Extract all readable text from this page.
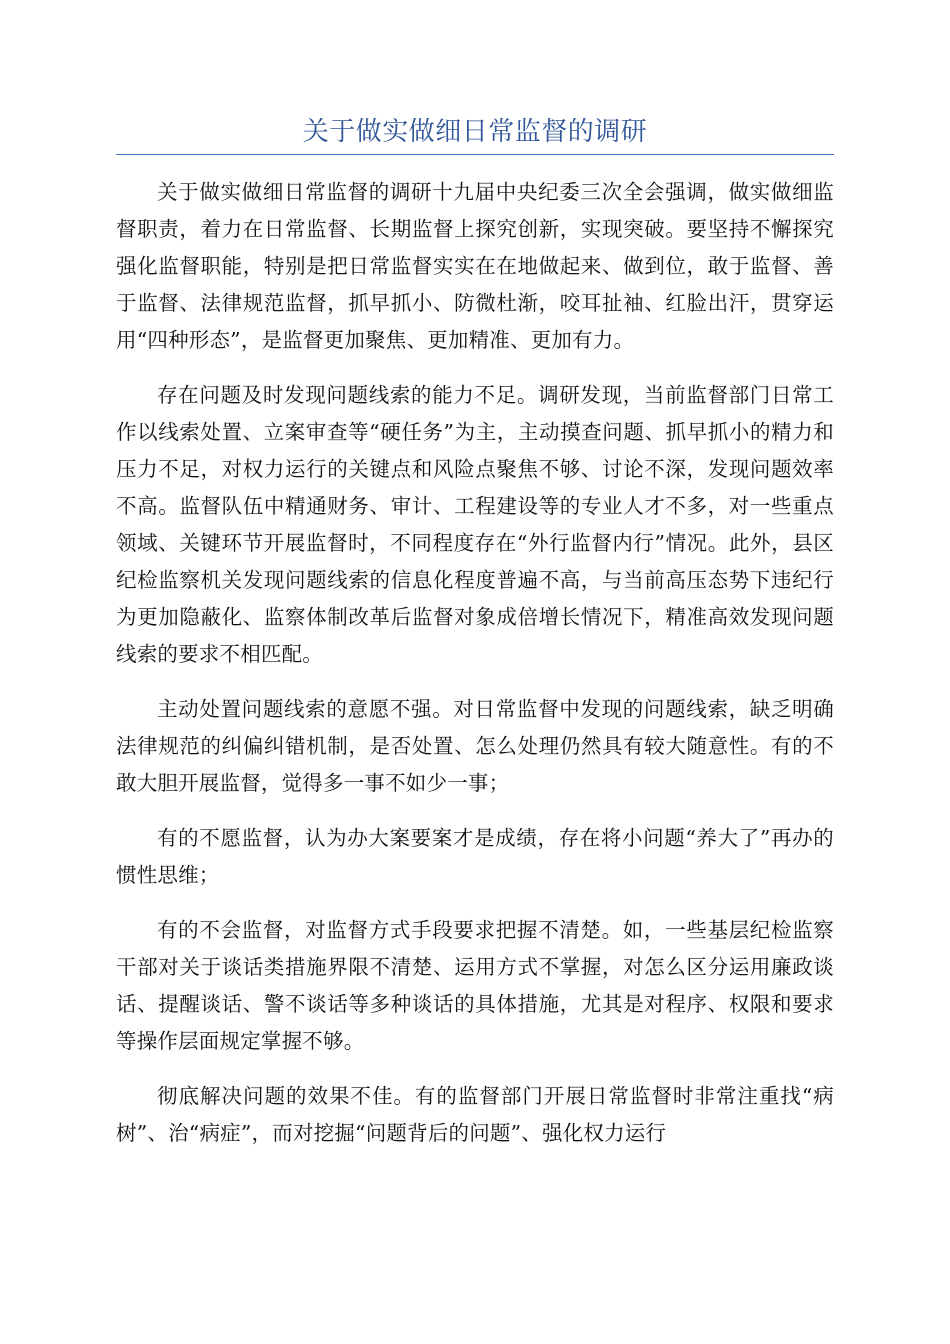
关于做实做细日常监督的调研

关于做实做细日常监督的调研十九届中央纪委三次全会强调，做实做细监督职责，着力在日常监督、长期监督上探究创新，实现突破。要坚持不懈探究强化监督职能，特别是把日常监督实实在在地做起来、做到位，敢于监督、善于监督、法律规范监督，抓早抓小、防微杜渐，咬耳扯袖、红脸出汗，贯穿运用“四种形态”，是监督更加聚焦、更加精准、更加有力。

存在问题及时发现问题线索的能力不足。调研发现，当前监督部门日常工作以线索处置、立案审查等“硬任务”为主，主动摸查问题、抓早抓小的精力和压力不足，对权力运行的关键点和风险点聚焦不够、讨论不深，发现问题效率不高。监督队伍中精通财务、审计、工程建设等的专业人才不多，对一些重点领域、关键环节开展监督时，不同程度存在“外行监督内行”情况。此外，县区纪检监察机关发现问题线索的信息化程度普遍不高，与当前高压态势下违纪行为更加隐蔽化、监察体制改革后监督对象成倍增长情况下，精准高效发现问题线索的要求不相匹配。

主动处置问题线索的意愿不强。对日常监督中发现的问题线索，缺乏明确法律规范的纠偏纠错机制，是否处置、怎么处理仍然具有较大随意性。有的不敢大胆开展监督，觉得多一事不如少一事；

有的不愿监督，认为办大案要案才是成绩，存在将小问题“养大了”再办的惯性思维；

有的不会监督，对监督方式手段要求把握不清楚。如，一些基层纪检监察干部对关于谈话类措施界限不清楚、运用方式不掌握，对怎么区分运用廉政谈话、提醒谈话、警不谈话等多种谈话的具体措施，尤其是对程序、权限和要求等操作层面规定掌握不够。

彻底解决问题的效果不佳。有的监督部门开展日常监督时非常注重找“病树”、治“病症”，而对挖掘“问题背后的问题”、强化权力运行
